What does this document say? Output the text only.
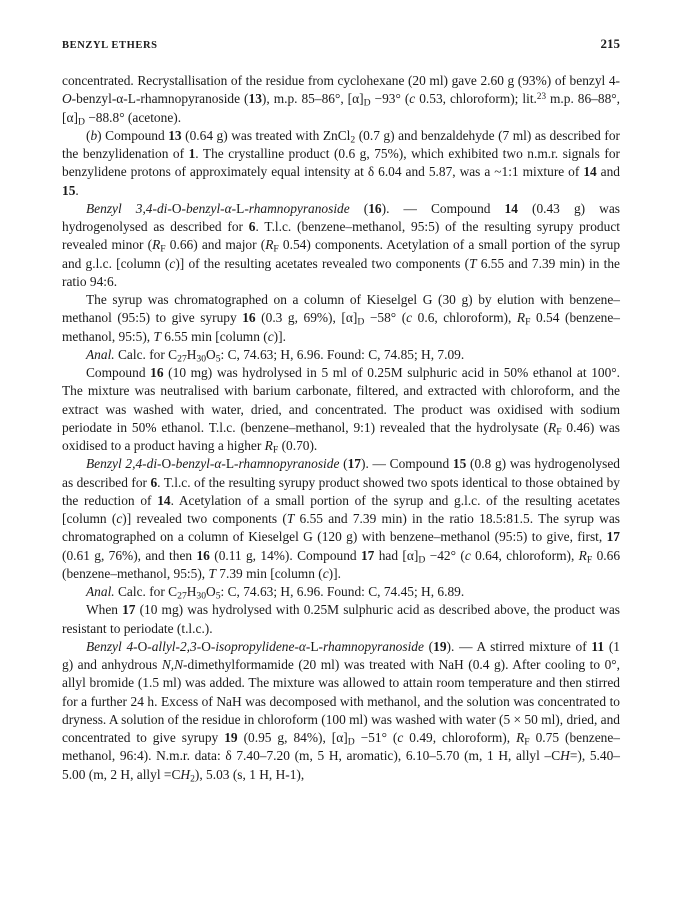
BENZYL ETHERS	215

concentrated. Recrystallisation of the residue from cyclohexane (20 ml) gave 2.60 g (93%) of benzyl 4-O-benzyl-α-L-rhamnopyranoside (13), m.p. 85–86°, $[\alpha]_D -93^\circ$ (c 0.53, chloroform); lit.$^{23}$ m.p. 86–88°, $[\alpha]_D -88.8^\circ$ (acetone).

(b) Compound 13 (0.64 g) was treated with ZnCl$_2$ (0.7 g) and benzaldehyde (7 ml) as described for the benzylidenation of 1. The crystalline product (0.6 g, 75%), which exhibited two n.m.r. signals for benzylidene protons of approximately equal intensity at δ 6.04 and 5.87, was a ~1:1 mixture of 14 and 15.

Benzyl 3,4-di-O-benzyl-α-L-rhamnopyranoside (16). — Compound 14 (0.43 g) was hydrogenolysed as described for 6. T.l.c. (benzene–methanol, 95:5) of the resulting syrupy product revealed minor ($R_F$ 0.66) and major ($R_F$ 0.54) components. Acetylation of a small portion of the syrup and g.l.c. [column (c)] of the resulting acetates revealed two components (T 6.55 and 7.39 min) in the ratio 94:6.

The syrup was chromatographed on a column of Kieselgel G (30 g) by elution with benzene–methanol (95:5) to give syrupy 16 (0.3 g, 69%), $[\alpha]_D -58^\circ$ (c 0.6, chloroform), $R_F$ 0.54 (benzene–methanol, 95:5), T 6.55 min [column (c)].

Anal. Calc. for $C_{27}H_{30}O_5$: C, 74.63; H, 6.96. Found: C, 74.85; H, 7.09.

Compound 16 (10 mg) was hydrolysed in 5 ml of 0.25M sulphuric acid in 50% ethanol at 100°. The mixture was neutralised with barium carbonate, filtered, and extracted with chloroform, and the extract was washed with water, dried, and concentrated. The product was oxidised with sodium periodate in 50% ethanol. T.l.c. (benzene–methanol, 9:1) revealed that the hydrolysate ($R_F$ 0.46) was oxidised to a product having a higher $R_F$ (0.70).

Benzyl 2,4-di-O-benzyl-α-L-rhamnopyranoside (17). — Compound 15 (0.8 g) was hydrogenolysed as described for 6. T.l.c. of the resulting syrupy product showed two spots identical to those obtained by the reduction of 14. Acetylation of a small portion of the syrup and g.l.c. of the resulting acetates [column (c)] revealed two components (T 6.55 and 7.39 min) in the ratio 18.5:81.5. The syrup was chromatographed on a column of Kieselgel G (120 g) with benzene–methanol (95:5) to give, first, 17 (0.61 g, 76%), and then 16 (0.11 g, 14%). Compound 17 had $[\alpha]_D -42^\circ$ (c 0.64, chloroform), $R_F$ 0.66 (benzene–methanol, 95:5), T 7.39 min [column (c)].

Anal. Calc. for $C_{27}H_{30}O_5$: C, 74.63; H, 6.96. Found: C, 74.45; H, 6.89.

When 17 (10 mg) was hydrolysed with 0.25M sulphuric acid as described above, the product was resistant to periodate (t.l.c.).

Benzyl 4-O-allyl-2,3-O-isopropylidene-α-L-rhamnopyranoside (19). — A stirred mixture of 11 (1 g) and anhydrous N,N-dimethylformamide (20 ml) was treated with NaH (0.4 g). After cooling to 0°, allyl bromide (1.5 ml) was added. The mixture was allowed to attain room temperature and then stirred for a further 24 h. Excess of NaH was decomposed with methanol, and the solution was concentrated to dryness. A solution of the residue in chloroform (100 ml) was washed with water (5 × 50 ml), dried, and concentrated to give syrupy 19 (0.95 g, 84%), $[\alpha]_D -51^\circ$ (c 0.49, chloroform), $R_F$ 0.75 (benzene–methanol, 96:4). N.m.r. data: δ 7.40–7.20 (m, 5 H, aromatic), 6.10–5.70 (m, 1 H, allyl –CH=), 5.40–5.00 (m, 2 H, allyl $=CH_2$), 5.03 (s, 1 H, H-1),
